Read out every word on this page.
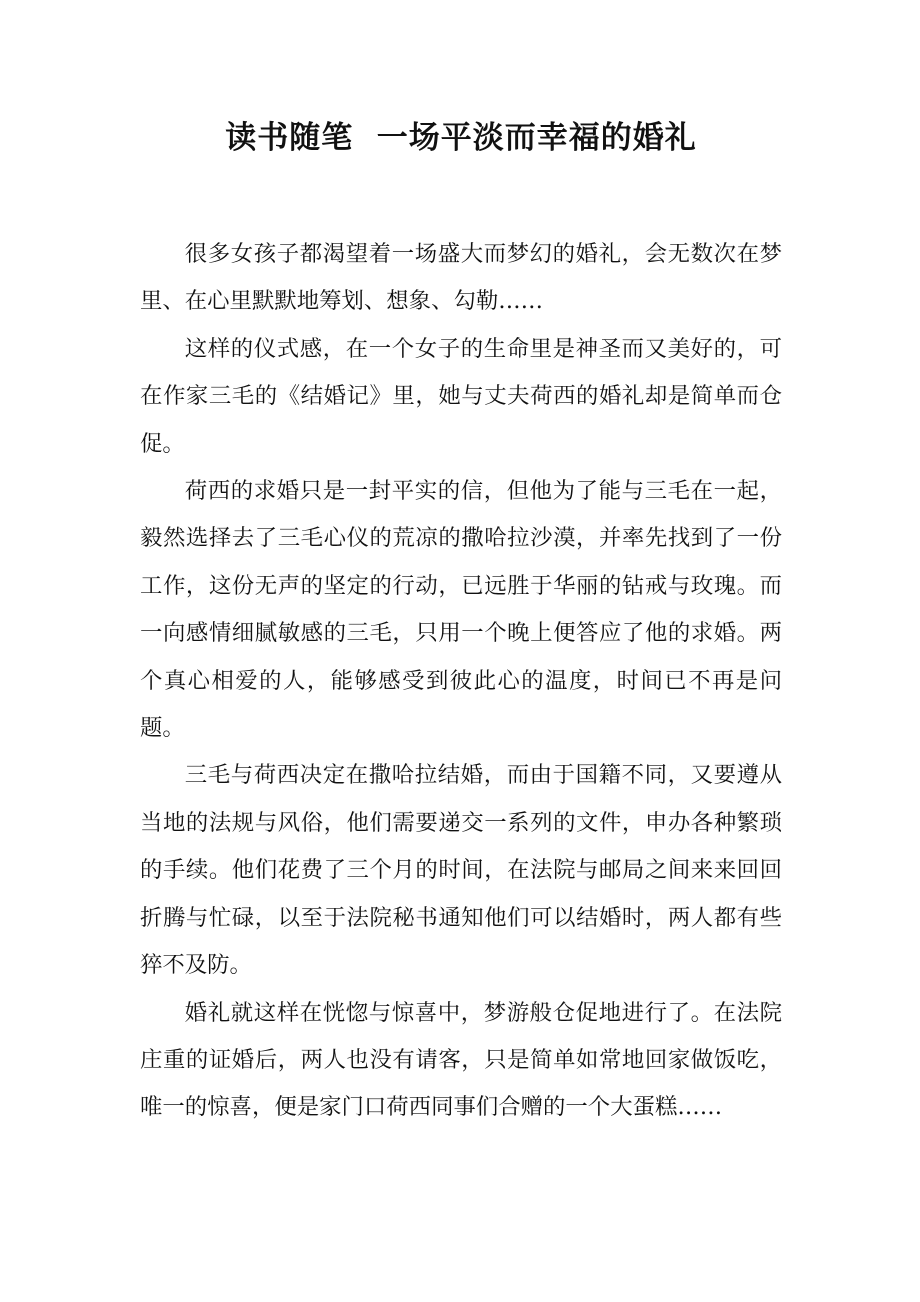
读书随笔  一场平淡而幸福的婚礼

很多女孩子都渴望着一场盛大而梦幻的婚礼，会无数次在梦里、在心里默默地筹划、想象、勾勒……

这样的仪式感，在一个女子的生命里是神圣而又美好的，可在作家三毛的《结婚记》里，她与丈夫荷西的婚礼却是简单而仓促。

荷西的求婚只是一封平实的信，但他为了能与三毛在一起，毅然选择去了三毛心仪的荒凉的撒哈拉沙漠，并率先找到了一份工作，这份无声的坚定的行动，已远胜于华丽的钻戒与玫瑰。而一向感情细腻敏感的三毛，只用一个晚上便答应了他的求婚。两个真心相爱的人，能够感受到彼此心的温度，时间已不再是问题。

三毛与荷西决定在撒哈拉结婚，而由于国籍不同，又要遵从当地的法规与风俗，他们需要递交一系列的文件，申办各种繁琐的手续。他们花费了三个月的时间，在法院与邮局之间来来回回折腾与忙碌，以至于法院秘书通知他们可以结婚时，两人都有些猝不及防。

婚礼就这样在恍惚与惊喜中，梦游般仓促地进行了。在法院庄重的证婚后，两人也没有请客，只是简单如常地回家做饭吃，唯一的惊喜，便是家门口荷西同事们合赠的一个大蛋糕……
